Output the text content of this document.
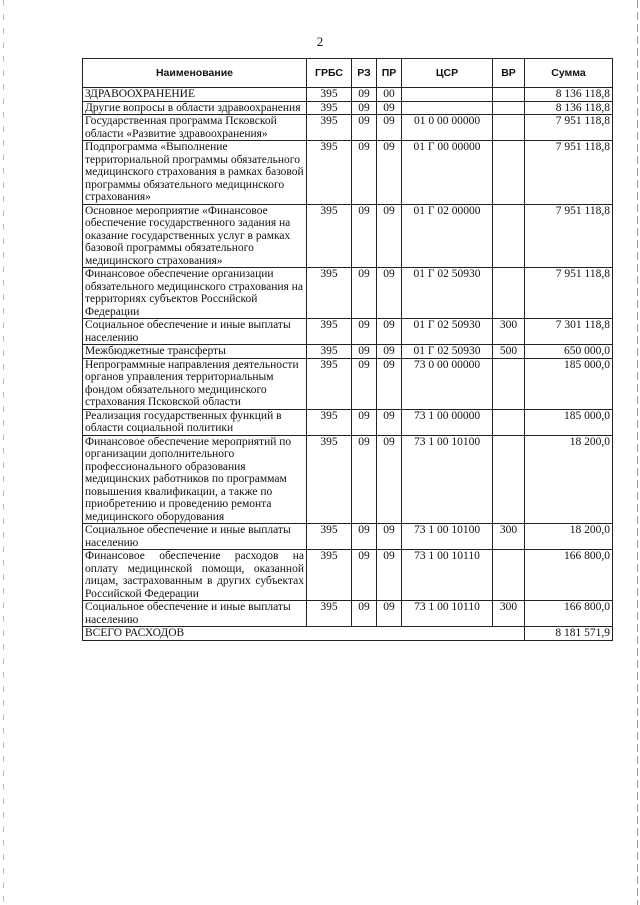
2
Наименование	ГРБС	РЗ	ПР	ЦСР	ВР	Сумма
ЗДРАВООХРАНЕНИЕ	395	09	00			8 136 118,8
Другие вопросы в области здравоохранения	395	09	09			8 136 118,8
Государственная программа Псковской области «Развитие здравоохранения»	395	09	09	01 0 00 00000		7 951 118,8
Подпрограмма «Выполнение территориальной программы обязательного медицинского страхования в рамках базовой программы обязательного медицинского страхования»	395	09	09	01 Г 00 00000		7 951 118,8
Основное мероприятие «Финансовое обеспечение государственного задания на оказание государственных услуг в рамках базовой программы обязательного медицинского страхования»	395	09	09	01 Г 02 00000		7 951 118,8
Финансовое обеспечение организации обязательного медицинского страхования на территориях субъектов Российской Федерации	395	09	09	01 Г 02 50930		7 951 118,8
Социальное обеспечение и иные выплаты населению	395	09	09	01 Г 02 50930	300	7 301 118,8
Межбюджетные трансферты	395	09	09	01 Г 02 50930	500	650 000,0
Непрограммные направления деятельности органов управления территориальным фондом обязательного медицинского страхования Псковской области	395	09	09	73 0 00 00000		185 000,0
Реализация государственных функций в области социальной политики	395	09	09	73 1 00 00000		185 000,0
Финансовое обеспечение мероприятий по организации дополнительного профессионального образования медицинских работников по программам повышения квалификации, а также по приобретению и проведению ремонта медицинского оборудования	395	09	09	73 1 00 10100		18 200,0
Социальное обеспечение и иные выплаты населению	395	09	09	73 1 00 10100	300	18 200,0
Финансовое обеспечение расходов на оплату медицинской помощи, оказанной лицам, застрахованным в других субъектах Российской Федерации	395	09	09	73 1 00 10110		166 800,0
Социальное обеспечение и иные выплаты населению	395	09	09	73 1 00 10110	300	166 800,0
ВСЕГО РАСХОДОВ						8 181 571,9
